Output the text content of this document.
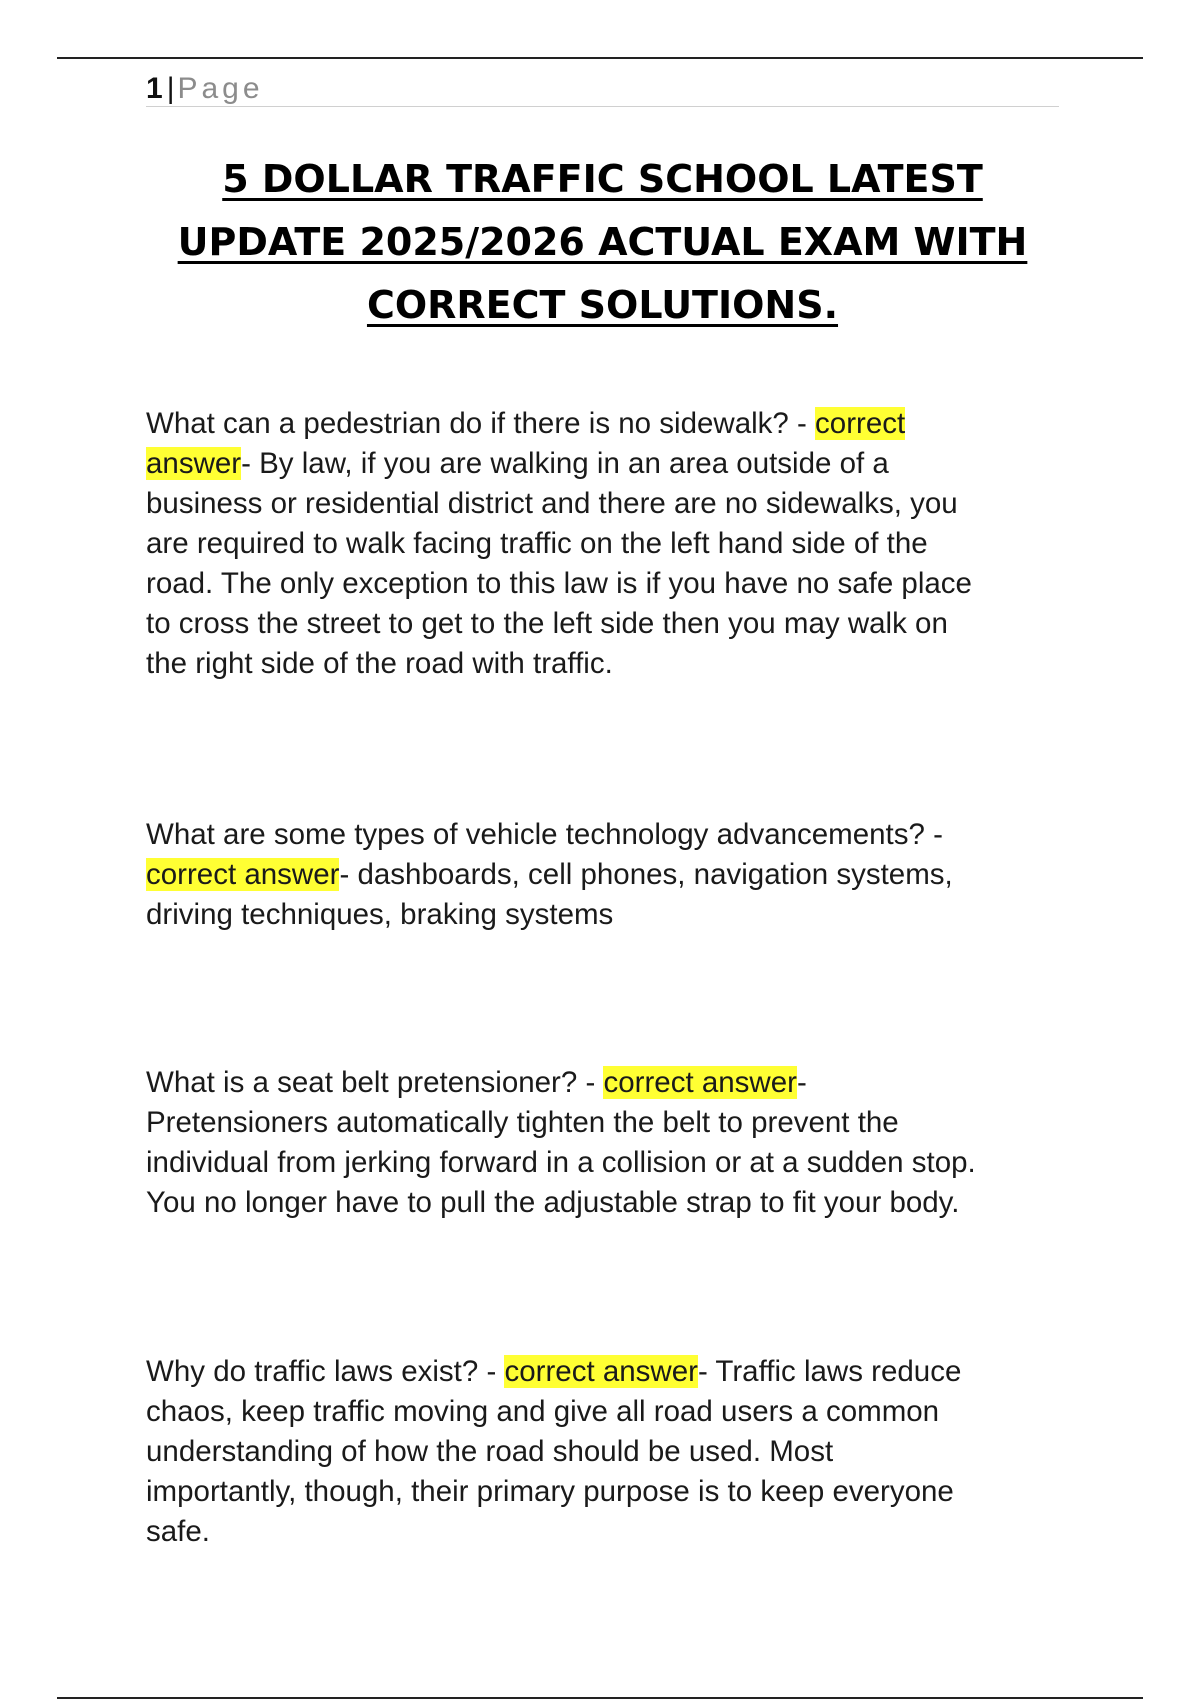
1 | Page
5 DOLLAR TRAFFIC SCHOOL LATEST
UPDATE 2025/2026 ACTUAL EXAM WITH
CORRECT SOLUTIONS.
What can a pedestrian do if there is no sidewalk? - correct
answer- By law, if you are walking in an area outside of a
business or residential district and there are no sidewalks, you
are required to walk facing traffic on the left hand side of the
road. The only exception to this law is if you have no safe place
to cross the street to get to the left side then you may walk on
the right side of the road with traffic.
What are some types of vehicle technology advancements? -
correct answer- dashboards, cell phones, navigation systems,
driving techniques, braking systems
What is a seat belt pretensioner? - correct answer-
Pretensioners automatically tighten the belt to prevent the
individual from jerking forward in a collision or at a sudden stop.
You no longer have to pull the adjustable strap to fit your body.
Why do traffic laws exist? - correct answer- Traffic laws reduce
chaos, keep traffic moving and give all road users a common
understanding of how the road should be used. Most
importantly, though, their primary purpose is to keep everyone
safe.
